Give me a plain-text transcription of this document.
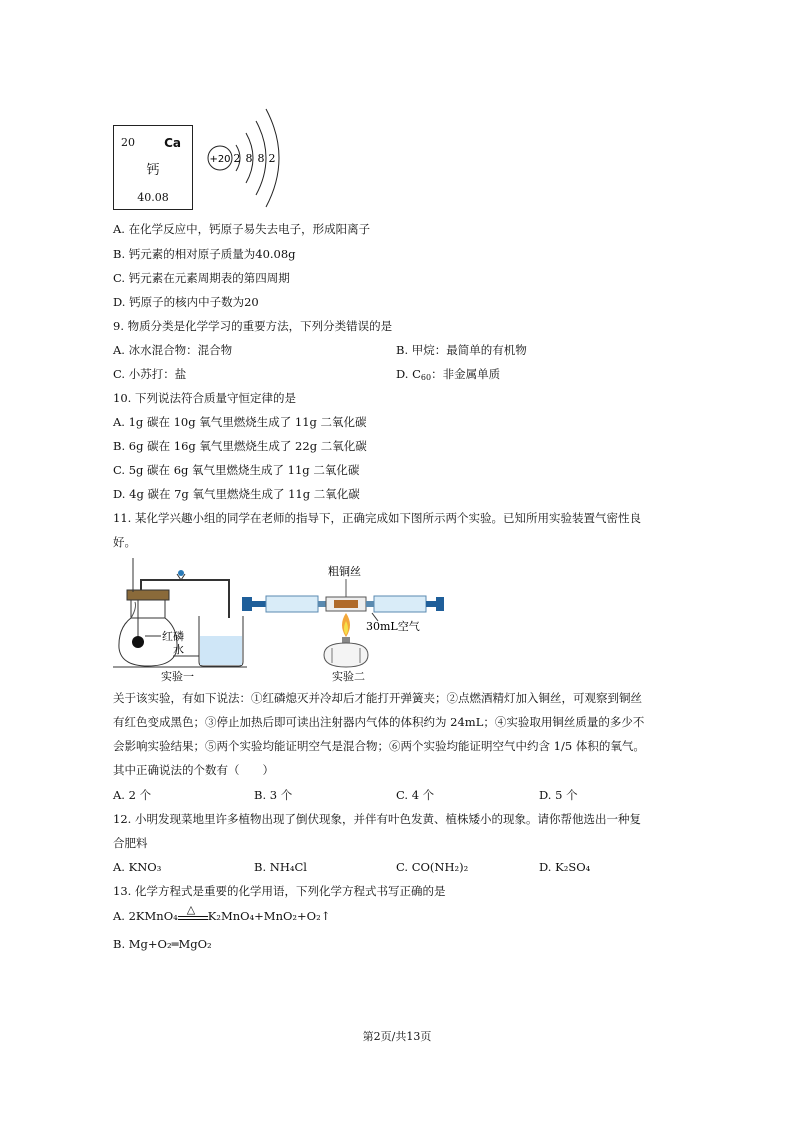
20 Ca
钙
40.08
+20 2 8 8 2
A. 在化学反应中，钙原子易失去电子，形成阳离子
B. 钙元素的相对原子质量为40.08g
C. 钙元素在元素周期表的第四周期
D. 钙原子的核内中子数为20
9. 物质分类是化学学习的重要方法，下列分类错误的是
A. 冰水混合物：混合物	B. 甲烷：最简单的有机物
C. 小苏打：盐	D. $C_{60}$：非金属单质
10. 下列说法符合质量守恒定律的是
A. 1g 碳在 10g 氧气里燃烧生成了 11g 二氧化碳
B. 6g 碳在 16g 氧气里燃烧生成了 22g 二氧化碳
C. 5g 碳在 6g 氧气里燃烧生成了 11g 二氧化碳
D. 4g 碳在 7g 氧气里燃烧生成了 11g 二氧化碳
11. 某化学兴趣小组的同学在老师的指导下，正确完成如下图所示两个实验。已知所用实验装置气密性良
好。
红磷
水
实验一
粗铜丝
30mL空气
实验二
关于该实验，有如下说法：①红磷熄灭并冷却后才能打开弹簧夹；②点燃酒精灯加入铜丝，可观察到铜丝
有红色变成黑色；③停止加热后即可读出注射器内气体的体积约为 24mL；④实验取用铜丝质量的多少不
会影响实验结果；⑤两个实验均能证明空气是混合物；⑥两个实验均能证明空气中约含 1/5 体积的氧气。
其中正确说法的个数有（　　）
A. 2 个	B. 3 个	C. 4 个	D. 5 个
12. 小明发现菜地里许多植物出现了倒伏现象，并伴有叶色发黄、植株矮小的现象。请你帮他选出一种复
合肥料
A. KNO₃	B. NH₄Cl	C. CO(NH₂)₂	D. K₂SO₄
13. 化学方程式是重要的化学用语，下列化学方程式书写正确的是
A. 2KMnO₄ △ K₂MnO₄+MnO₂+O₂↑
B. Mg+O₂═MgO₂
第2页/共13页
